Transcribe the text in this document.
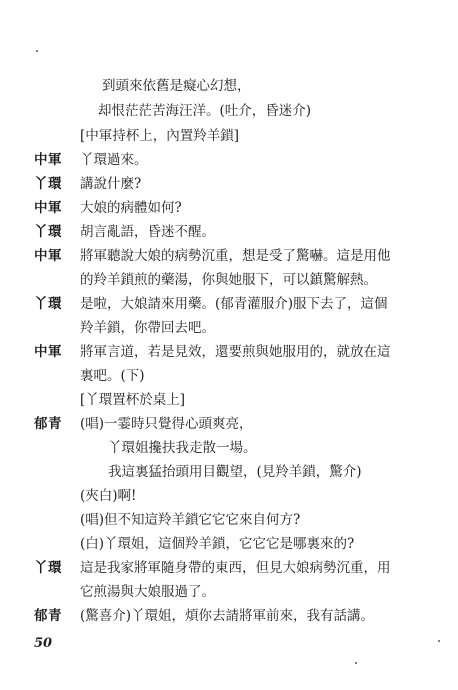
到頭來依舊是癡心幻想，
却恨茫茫苦海汪洋。(吐介，昏迷介)
[中軍持杯上，內置羚羊鎖]
中軍 丫環過來。
丫環 講說什麼?
中軍 大娘的病體如何?
丫環 胡言亂語，昏迷不醒。
中軍 將軍聽說大娘的病勢沉重，想是受了驚嚇。這是用他
的羚羊鎖煎的藥湯，你與她服下，可以鎮驚解熱。
丫環 是啦，大娘請來用藥。(郁青灌服介)服下去了，這個
羚羊鎖，你帶回去吧。
中軍 將軍言道，若是見效，還要煎與她服用的，就放在這
裏吧。(下)
[丫環置杯於桌上]
郁青 (唱)一霎時只覺得心頭爽亮，
丫環姐攙扶我走散一場。
我這裏猛抬頭用目觀望，(見羚羊鎖，驚介)
(夾白)啊!
(唱)但不知這羚羊鎖它它它來自何方?
(白)丫環姐，這個羚羊鎖，它它它是哪裏來的?
丫環 這是我家將軍隨身帶的東西，但見大娘病勢沉重，用
它煎湯與大娘服過了。
郁青 (驚喜介)丫環姐，煩你去請將軍前來，我有話講。
50
